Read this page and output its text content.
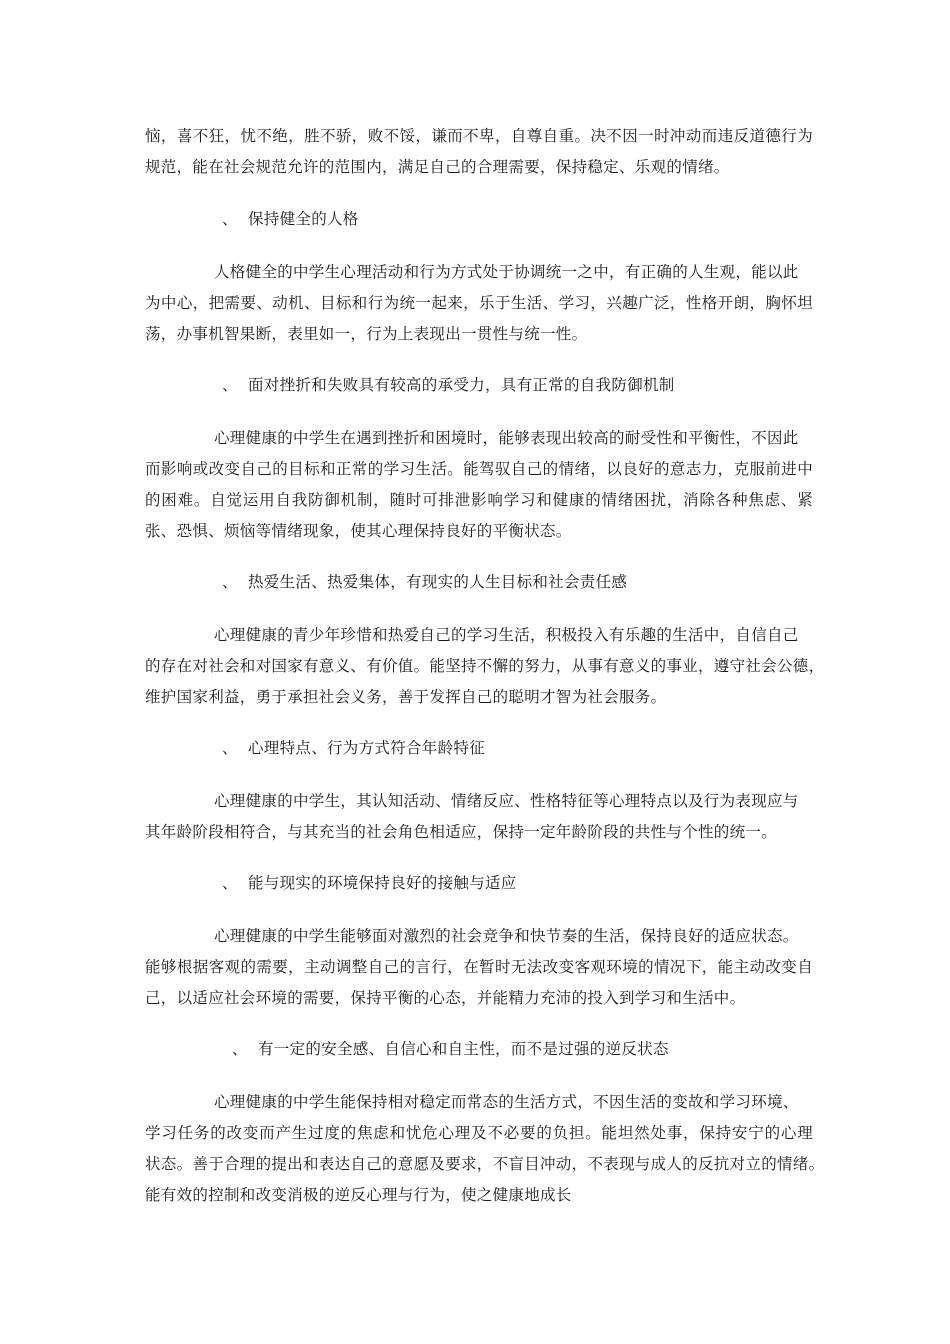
恼，喜不狂，忧不绝，胜不骄，败不馁，谦而不卑，自尊自重。决不因一时冲动而违反道德行为
规范，能在社会规范允许的范围内，满足自己的合理需要，保持稳定、乐观的情绪。
、 保持健全的人格
人格健全的中学生心理活动和行为方式处于协调统一之中，有正确的人生观，能以此
为中心，把需要、动机、目标和行为统一起来，乐于生活、学习，兴趣广泛，性格开朗，胸怀坦
荡，办事机智果断，表里如一，行为上表现出一贯性与统一性。
、 面对挫折和失败具有较高的承受力，具有正常的自我防御机制
心理健康的中学生在遇到挫折和困境时，能够表现出较高的耐受性和平衡性，不因此
而影响或改变自己的目标和正常的学习生活。能驾驭自己的情绪，以良好的意志力，克服前进中
的困难。自觉运用自我防御机制，随时可排泄影响学习和健康的情绪困扰，消除各种焦虑、紧
张、恐惧、烦恼等情绪现象，使其心理保持良好的平衡状态。
、 热爱生活、热爱集体，有现实的人生目标和社会责任感
心理健康的青少年珍惜和热爱自己的学习生活，积极投入有乐趣的生活中，自信自己
的存在对社会和对国家有意义、有价值。能坚持不懈的努力，从事有意义的事业，遵守社会公德，
维护国家利益，勇于承担社会义务，善于发挥自己的聪明才智为社会服务。
、 心理特点、行为方式符合年龄特征
心理健康的中学生，其认知活动、情绪反应、性格特征等心理特点以及行为表现应与
其年龄阶段相符合，与其充当的社会角色相适应，保持一定年龄阶段的共性与个性的统一。
、 能与现实的环境保持良好的接触与适应
心理健康的中学生能够面对激烈的社会竞争和快节奏的生活，保持良好的适应状态。
能够根据客观的需要，主动调整自己的言行，在暂时无法改变客观环境的情况下，能主动改变自
己，以适应社会环境的需要，保持平衡的心态，并能精力充沛的投入到学习和生活中。
、 有一定的安全感、自信心和自主性，而不是过强的逆反状态
心理健康的中学生能保持相对稳定而常态的生活方式，不因生活的变故和学习环境、
学习任务的改变而产生过度的焦虑和忧危心理及不必要的负担。能坦然处事，保持安宁的心理
状态。善于合理的提出和表达自己的意愿及要求，不盲目冲动，不表现与成人的反抗对立的情绪。
能有效的控制和改变消极的逆反心理与行为，使之健康地成长
